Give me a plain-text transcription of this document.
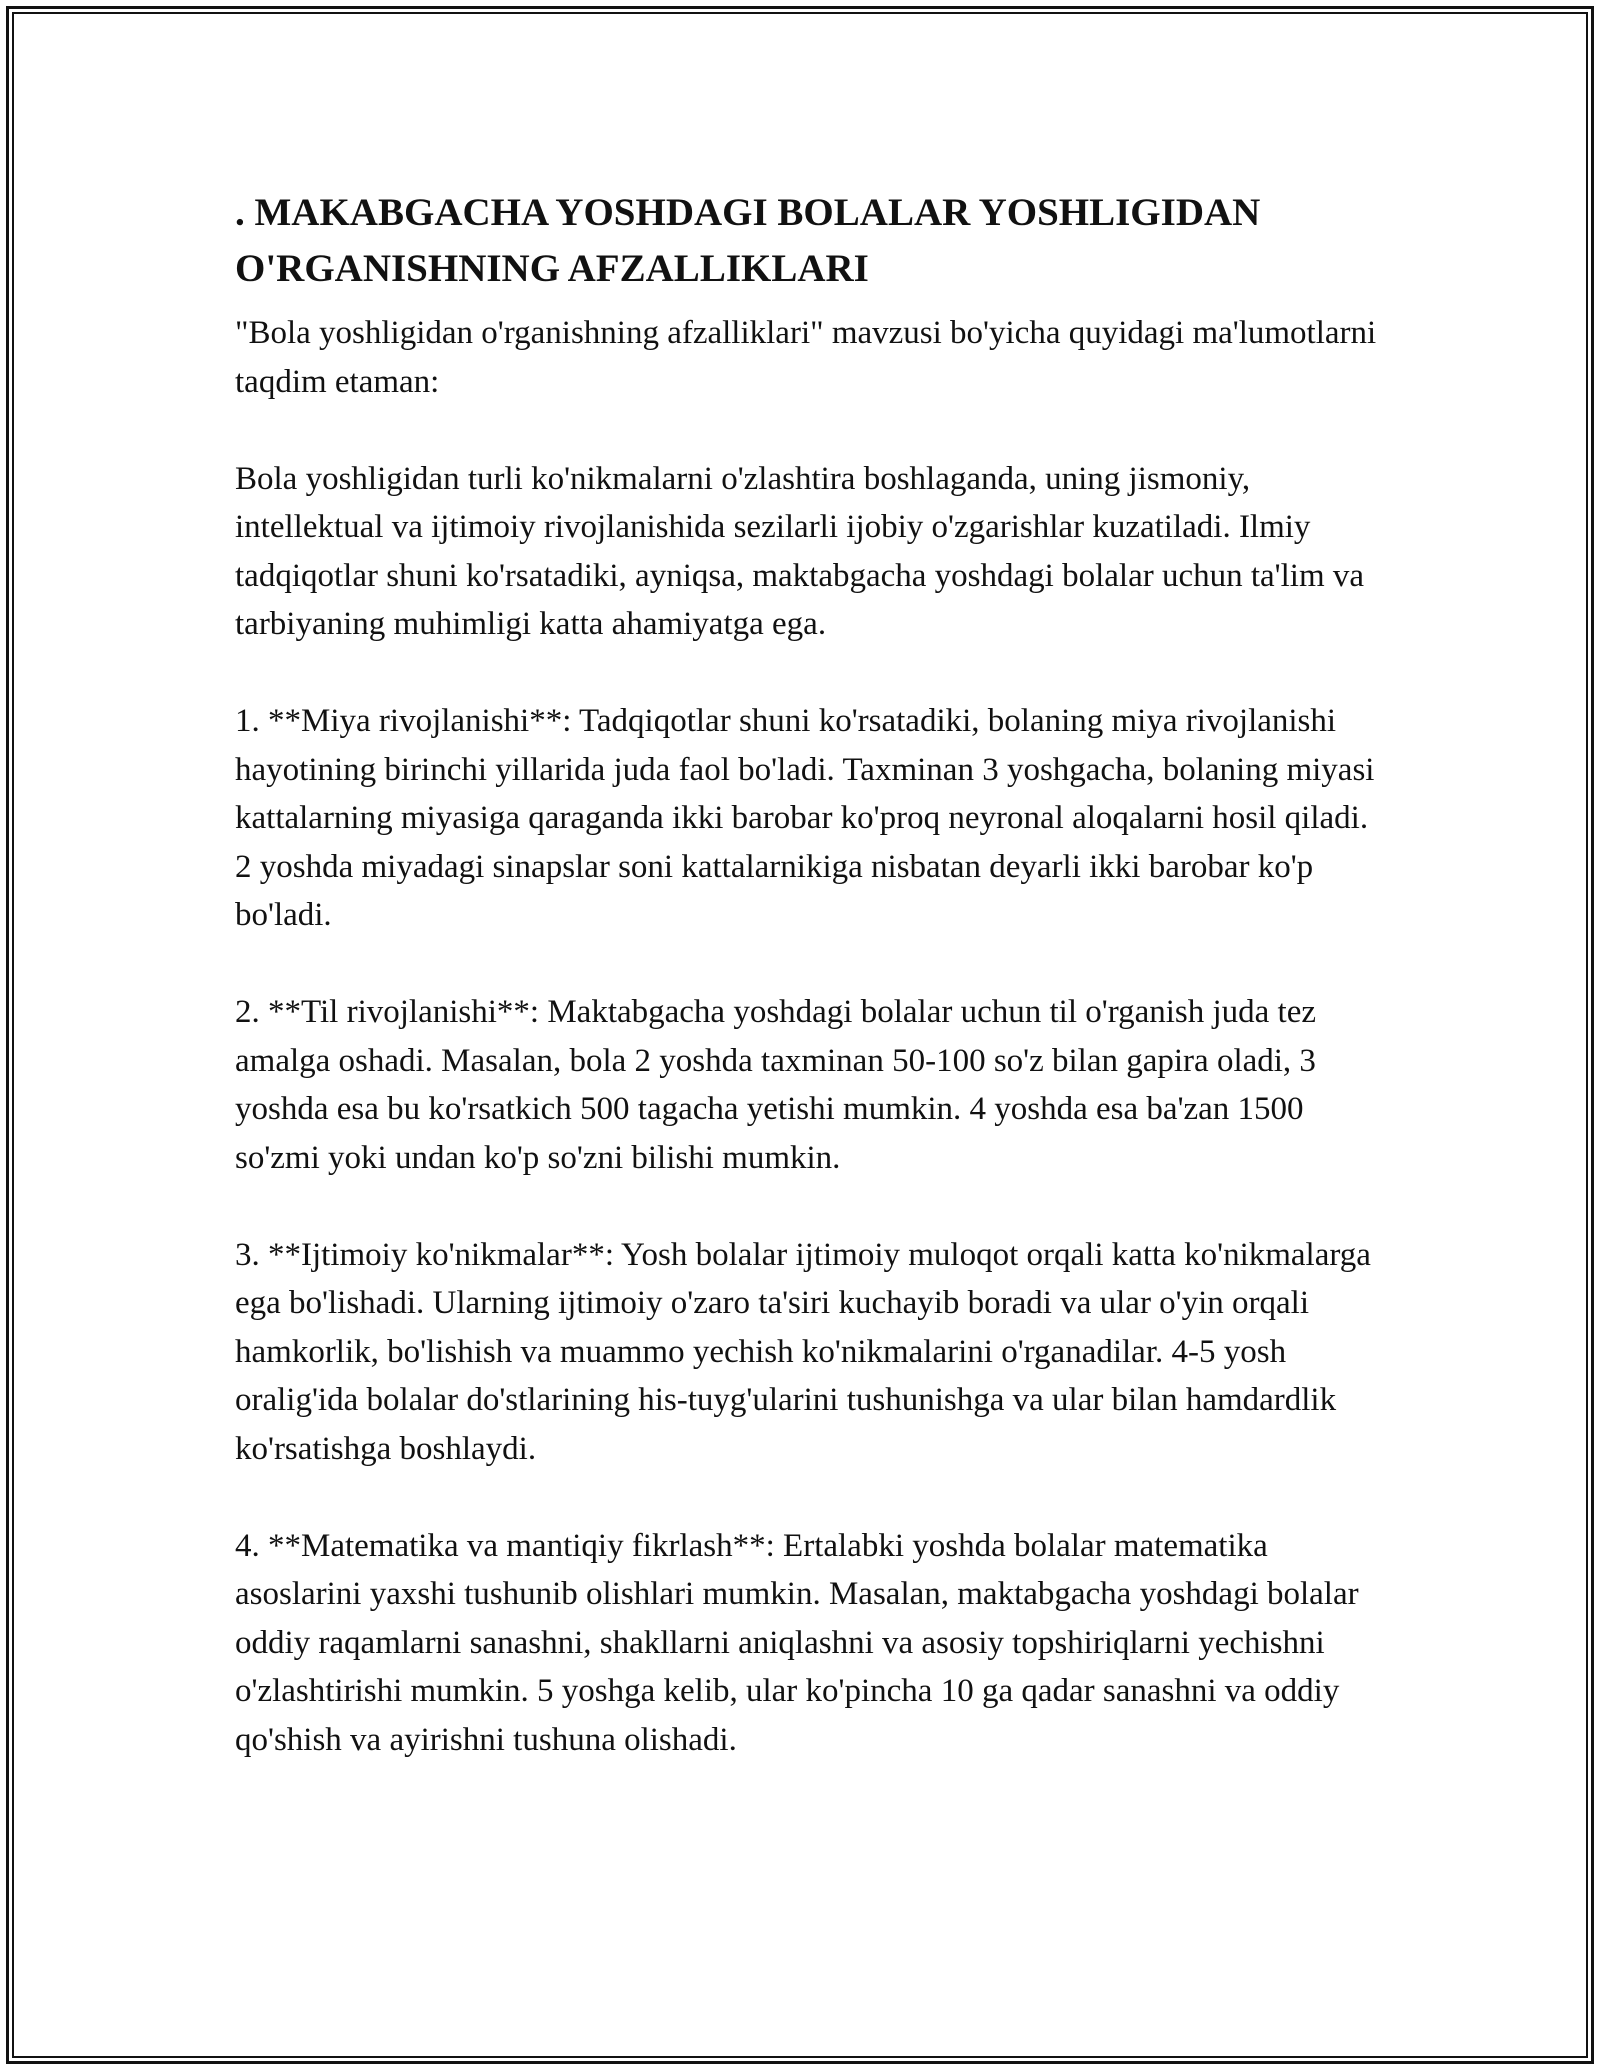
. MAKABGACHA YOSHDAGI BOLALAR YOSHLIGIDAN O'RGANISHNING AFZALLIKLARI

"Bola yoshligidan o'rganishning afzalliklari" mavzusi bo'yicha quyidagi ma'lumotlarni taqdim etaman:

Bola yoshligidan turli ko'nikmalarni o'zlashtira boshlaganda, uning jismoniy, intellektual va ijtimoiy rivojlanishida sezilarli ijobiy o'zgarishlar kuzatiladi. Ilmiy tadqiqotlar shuni ko'rsatadiki, ayniqsa, maktabgacha yoshdagi bolalar uchun ta'lim va tarbiyaning muhimligi katta ahamiyatga ega.

1. **Miya rivojlanishi**: Tadqiqotlar shuni ko'rsatadiki, bolaning miya rivojlanishi hayotining birinchi yillarida juda faol bo'ladi. Taxminan 3 yoshgacha, bolaning miyasi kattalarning miyasiga qaraganda ikki barobar ko'proq neyronal aloqalarni hosil qiladi. 2 yoshda miyadagi sinapslar soni kattalarnikiga nisbatan deyarli ikki barobar ko'p bo'ladi.

2. **Til rivojlanishi**: Maktabgacha yoshdagi bolalar uchun til o'rganish juda tez amalga oshadi. Masalan, bola 2 yoshda taxminan 50-100 so'z bilan gapira oladi, 3 yoshda esa bu ko'rsatkich 500 tagacha yetishi mumkin. 4 yoshda esa ba'zan 1500 so'zmi yoki undan ko'p so'zni bilishi mumkin.

3. **Ijtimoiy ko'nikmalar**: Yosh bolalar ijtimoiy muloqot orqali katta ko'nikmalarga ega bo'lishadi. Ularning ijtimoiy o'zaro ta'siri kuchayib boradi va ular o'yin orqali hamkorlik, bo'lishish va muammo yechish ko'nikmalarini o'rganadilar. 4-5 yosh oralig'ida bolalar do'stlarining his-tuyg'ularini tushunishga va ular bilan hamdardlik ko'rsatishga boshlaydi.

4. **Matematika va mantiqiy fikrlash**: Ertalabki yoshda bolalar matematika asoslarini yaxshi tushunib olishlari mumkin. Masalan, maktabgacha yoshdagi bolalar oddiy raqamlarni sanashni, shakllarni aniqlashni va asosiy topshiriqlarni yechishni o'zlashtirishi mumkin. 5 yoshga kelib, ular ko'pincha 10 ga qadar sanashni va oddiy qo'shish va ayirishni tushuna olishadi.
